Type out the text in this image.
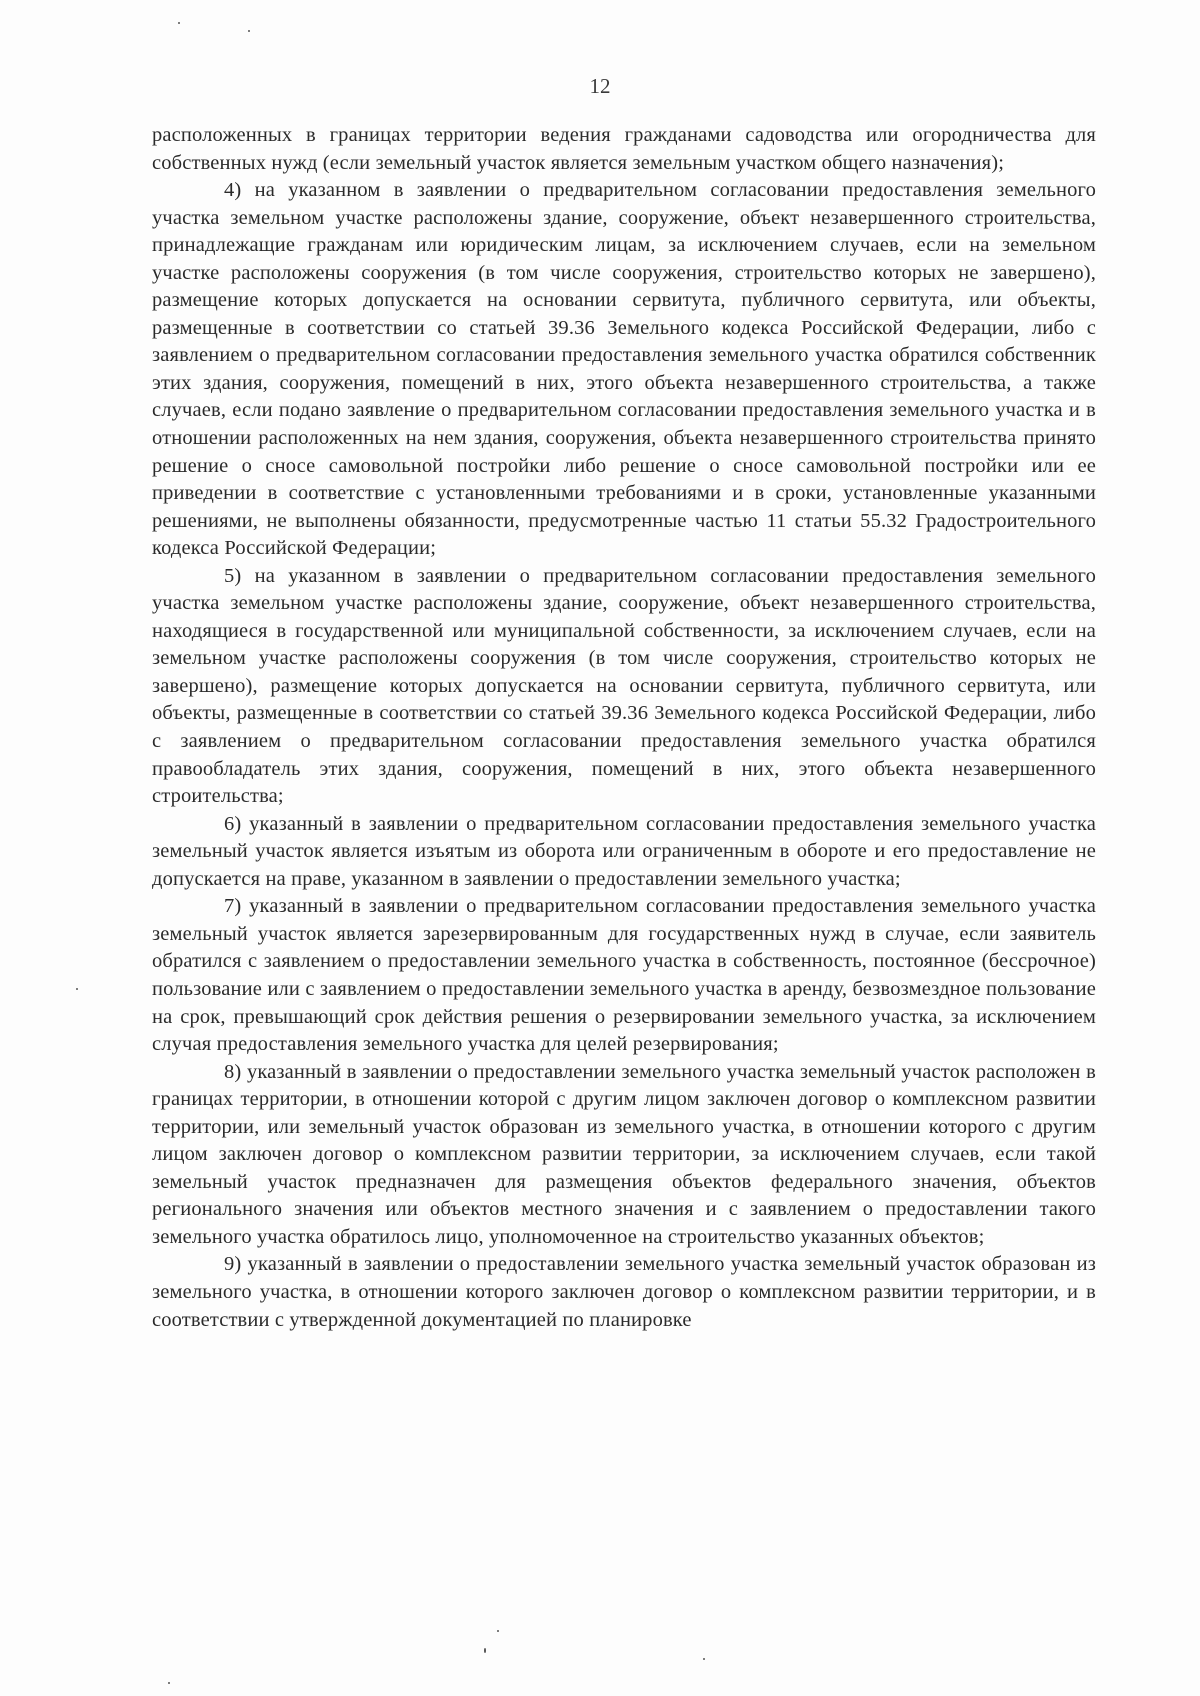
12

расположенных в границах территории ведения гражданами садоводства или огородничества для собственных нужд (если земельный участок является земельным участком общего назначения);

4) на указанном в заявлении о предварительном согласовании предоставления земельного участка земельном участке расположены здание, сооружение, объект незавершенного строительства, принадлежащие гражданам или юридическим лицам, за исключением случаев, если на земельном участке расположены сооружения (в том числе сооружения, строительство которых не завершено), размещение которых допускается на основании сервитута, публичного сервитута, или объекты, размещенные в соответствии со статьей 39.36 Земельного кодекса Российской Федерации, либо с заявлением о предварительном согласовании предоставления земельного участка обратился собственник этих здания, сооружения, помещений в них, этого объекта незавершенного строительства, а также случаев, если подано заявление о предварительном согласовании предоставления земельного участка и в отношении расположенных на нем здания, сооружения, объекта незавершенного строительства принято решение о сносе самовольной постройки либо решение о сносе самовольной постройки или ее приведении в соответствие с установленными требованиями и в сроки, установленные указанными решениями, не выполнены обязанности, предусмотренные частью 11 статьи 55.32 Градостроительного кодекса Российской Федерации;

5) на указанном в заявлении о предварительном согласовании предоставления земельного участка земельном участке расположены здание, сооружение, объект незавершенного строительства, находящиеся в государственной или муниципальной собственности, за исключением случаев, если на земельном участке расположены сооружения (в том числе сооружения, строительство которых не завершено), размещение которых допускается на основании сервитута, публичного сервитута, или объекты, размещенные в соответствии со статьей 39.36 Земельного кодекса Российской Федерации, либо с заявлением о предварительном согласовании предоставления земельного участка обратился правообладатель этих здания, сооружения, помещений в них, этого объекта незавершенного строительства;

6) указанный в заявлении о предварительном согласовании предоставления земельного участка земельный участок является изъятым из оборота или ограниченным в обороте и его предоставление не допускается на праве, указанном в заявлении о предоставлении земельного участка;

7) указанный в заявлении о предварительном согласовании предоставления земельного участка земельный участок является зарезервированным для государственных нужд в случае, если заявитель обратился с заявлением о предоставлении земельного участка в собственность, постоянное (бессрочное) пользование или с заявлением о предоставлении земельного участка в аренду, безвозмездное пользование на срок, превышающий срок действия решения о резервировании земельного участка, за исключением случая предоставления земельного участка для целей резервирования;

8) указанный в заявлении о предоставлении земельного участка земельный участок расположен в границах территории, в отношении которой с другим лицом заключен договор о комплексном развитии территории, или земельный участок образован из земельного участка, в отношении которого с другим лицом заключен договор о комплексном развитии территории, за исключением случаев, если такой земельный участок предназначен для размещения объектов федерального значения, объектов регионального значения или объектов местного значения и с заявлением о предоставлении такого земельного участка обратилось лицо, уполномоченное на строительство указанных объектов;

9) указанный в заявлении о предоставлении земельного участка земельный участок образован из земельного участка, в отношении которого заключен договор о комплексном развитии территории, и в соответствии с утвержденной документацией по планировке
